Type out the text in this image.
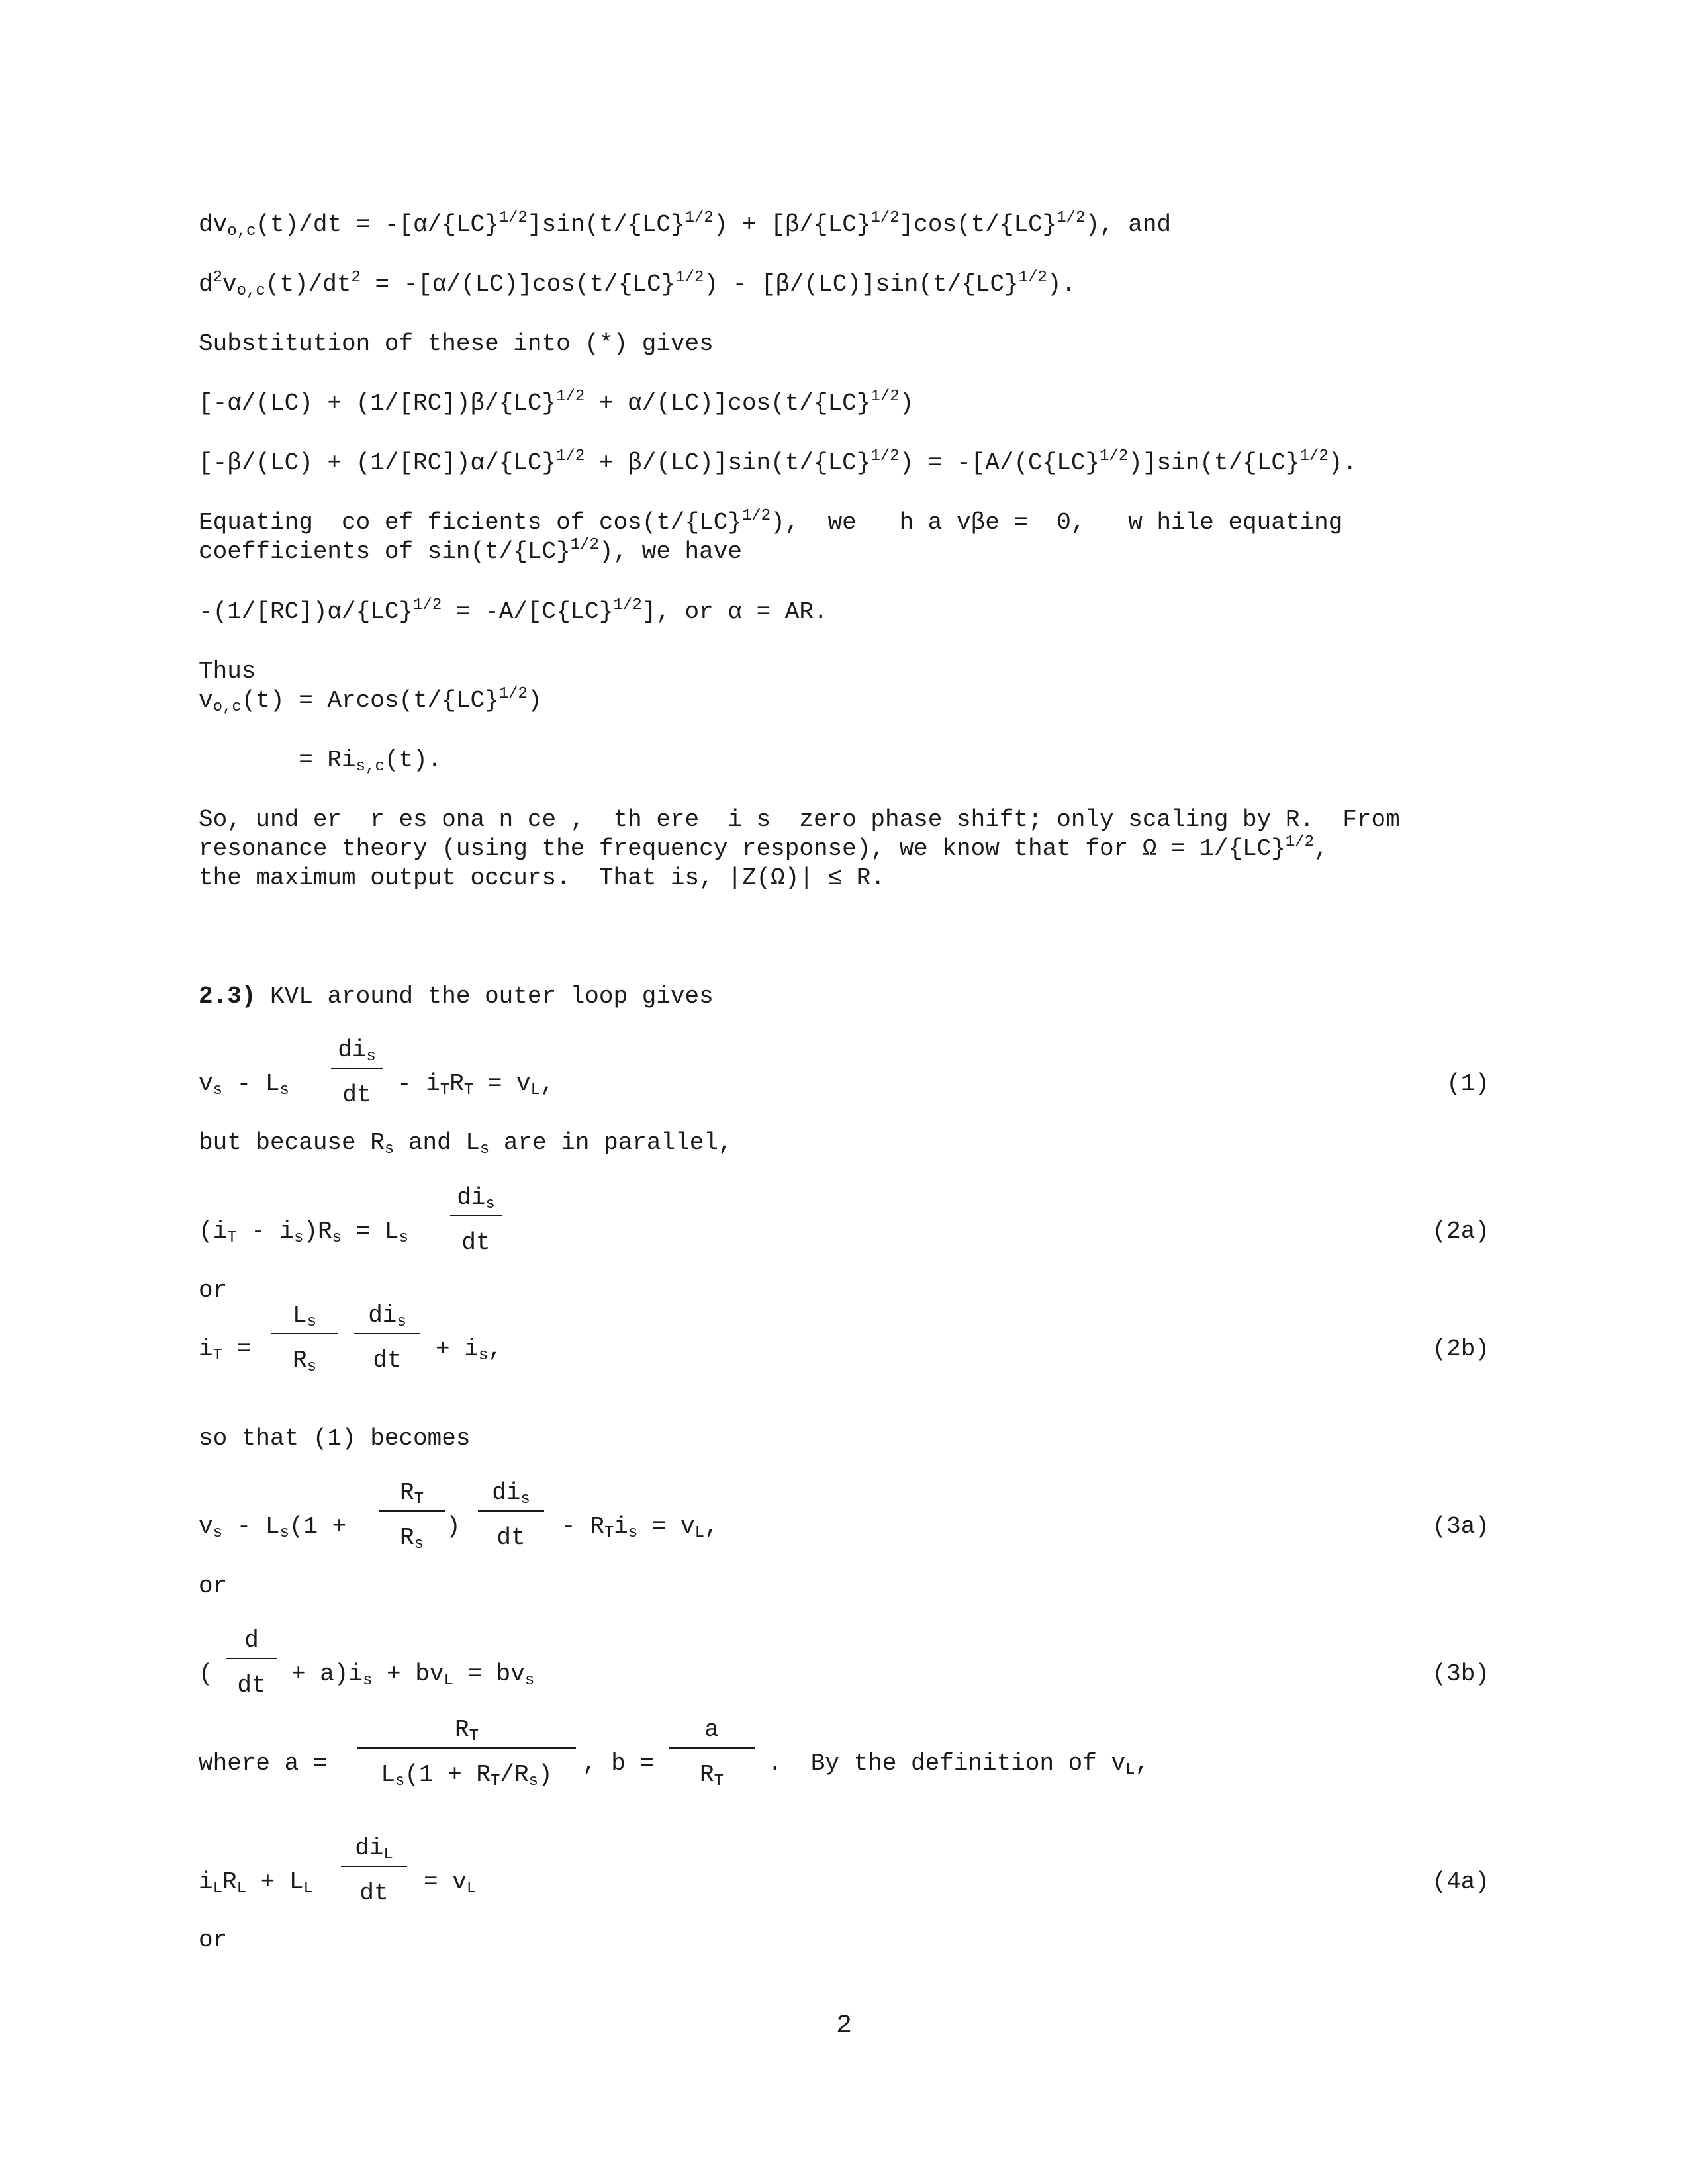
$dv_{o,c}(t)/dt = -[\alpha/\{LC\}^{1/2}]\sin(t/\{LC\}^{1/2}) + [\beta/\{LC\}^{1/2}]\cos(t/\{LC\}^{1/2})$, and
$d^2v_{o,c}(t)/dt^2 = -[\alpha/(LC)]\cos(t/\{LC\}^{1/2}) - [\beta/(LC)]\sin(t/\{LC\}^{1/2})$.
Substitution of these into (*) gives
[-α/(LC) + (1/[RC])β/{LC}$^{1/2}$ + α/(LC)]cos(t/{LC}$^{1/2}$)
[-β/(LC) + (1/[RC])α/{LC}$^{1/2}$ + β/(LC)]sin(t/{LC}$^{1/2}$) = -[A/(C{LC}$^{1/2}$)]sin(t/{LC}$^{1/2}$).
Equating  co ef ficients of cos(t/{LC}$^{1/2}$),  we   h a vβe =  0,   w hile equating
coefficients of sin(t/{LC}$^{1/2}$), we have
-(1/[RC])α/{LC}$^{1/2}$ = -A/[C{LC}$^{1/2}$], or α = AR.
Thus
$v_{o,c}(t) = Arcos(t/\{LC\}^{1/2})$
= $Ri_{s,c}(t)$.
So, und er  r es ona n ce ,  th ere  i s  zero phase shift; only scaling by R.  From
resonance theory (using the frequency response), we know that for Ω = 1/{LC}$^{1/2}$,
the maximum output occurs.  That is, |Z(Ω)| ≤ R.
2.3) KVL around the outer loop gives
$v_s - L_s$
$di_s$
dt - $i_TR_T = v_L$,	(1)
but because $R_s$ and $L_s$ are in parallel,
$(i_T - i_s)R_s = L_s$
$di_s$
dt	(2a)
or
$i_T$ =
$L_s$
$R_s$
$di_s$
dt + $i_s$,	(2b)
so that (1) becomes
$v_s - L_s(1$ +
$R_T$
$R_s$
)
$di_s$
dt - $R_Ti_s = v_L$,	(3a)
or
(
d
dt + $a)i_s + bv_L = bv_s$	(3b)
where a =
$R_T$
$L_s(1 + R_T/R_s)$ , b =
a
$R_T$
.  By the definition of $v_L$,
$i_LR_L + L_L$
$di_L$
dt = $v_L$	(4a)
or
2
